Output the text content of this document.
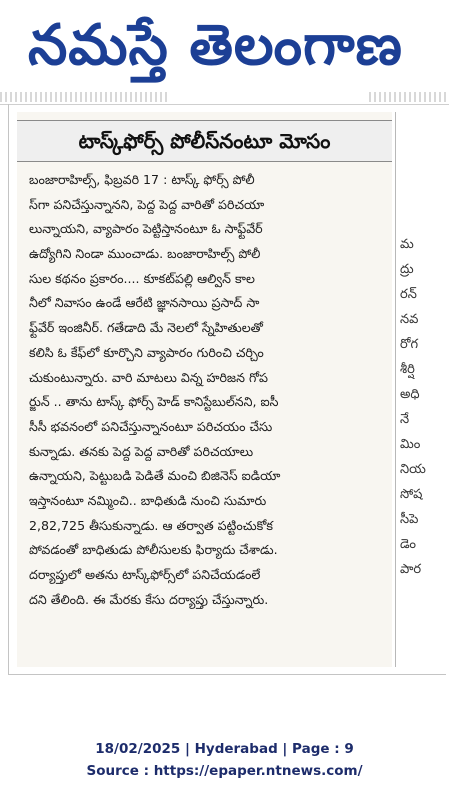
నమస్తే తెలంగాణ
టాస్క్‌ఫోర్స్ పోలీస్‌నంటూ మోసం
బంజారాహిల్స్, ఫిబ్రవరి 17 : టాస్క్ ఫోర్స్ పోలీ
స్‌గా పనిచేస్తున్నానని, పెద్ద పెద్ద వారితో పరిచయా
లున్నాయని, వ్యాపారం పెట్టిస్తానంటూ ఓ సాఫ్ట్‌వేర్
ఉద్యోగిని నిండా ముంచాడు. బంజారాహిల్స్ పోలీ
సుల కథనం ప్రకారం.... కూకట్‌పల్లి ఆల్విన్ కాల
నీలో నివాసం ఉండే ఆరేటి జ్ఞానసాయి ప్రసాద్ సా
ఫ్ట్‌వేర్ ఇంజినీర్. గతేడాది మే నెలలో స్నేహితులతో
కలిసి ఓ కేఫ్‌లో కూర్చొని వ్యాపారం గురించి చర్చిం
చుకుంటున్నారు. వారి మాటలు విన్న హరిజన గోప
ర్జున్ .. తాను టాస్క్ ఫోర్స్ హెడ్ కానిస్టేబుల్‌నని, ఐసీ
సీసీ భవనంలో పనిచేస్తున్నానంటూ పరిచయం చేసు
కున్నాడు. తనకు పెద్ద పెద్ద వారితో పరిచయాలు
ఉన్నాయని, పెట్టుబడి పెడితే మంచి బిజినెస్ ఐడియా
ఇస్తానంటూ నమ్మించి.. బాధితుడి నుంచి సుమారు
2,82,725 తీసుకున్నాడు. ఆ తర్వాత పట్టించుకోక
పోవడంతో బాధితుడు పోలీసులకు ఫిర్యాదు చేశాడు.
దర్యాప్తులో అతను టాస్క్‌ఫోర్స్‌లో పనిచేయడంలే
దని తేలింది. ఈ మేరకు కేసు దర్యాప్తు చేస్తున్నారు.
మ
ద్రు
రన్
నవ
రోగ
శీర్షి
అధి
నే
మిం
నియ
సోష
సీపె
డెం
పార
18/02/2025 | Hyderabad | Page : 9
Source : https://epaper.ntnews.com/
